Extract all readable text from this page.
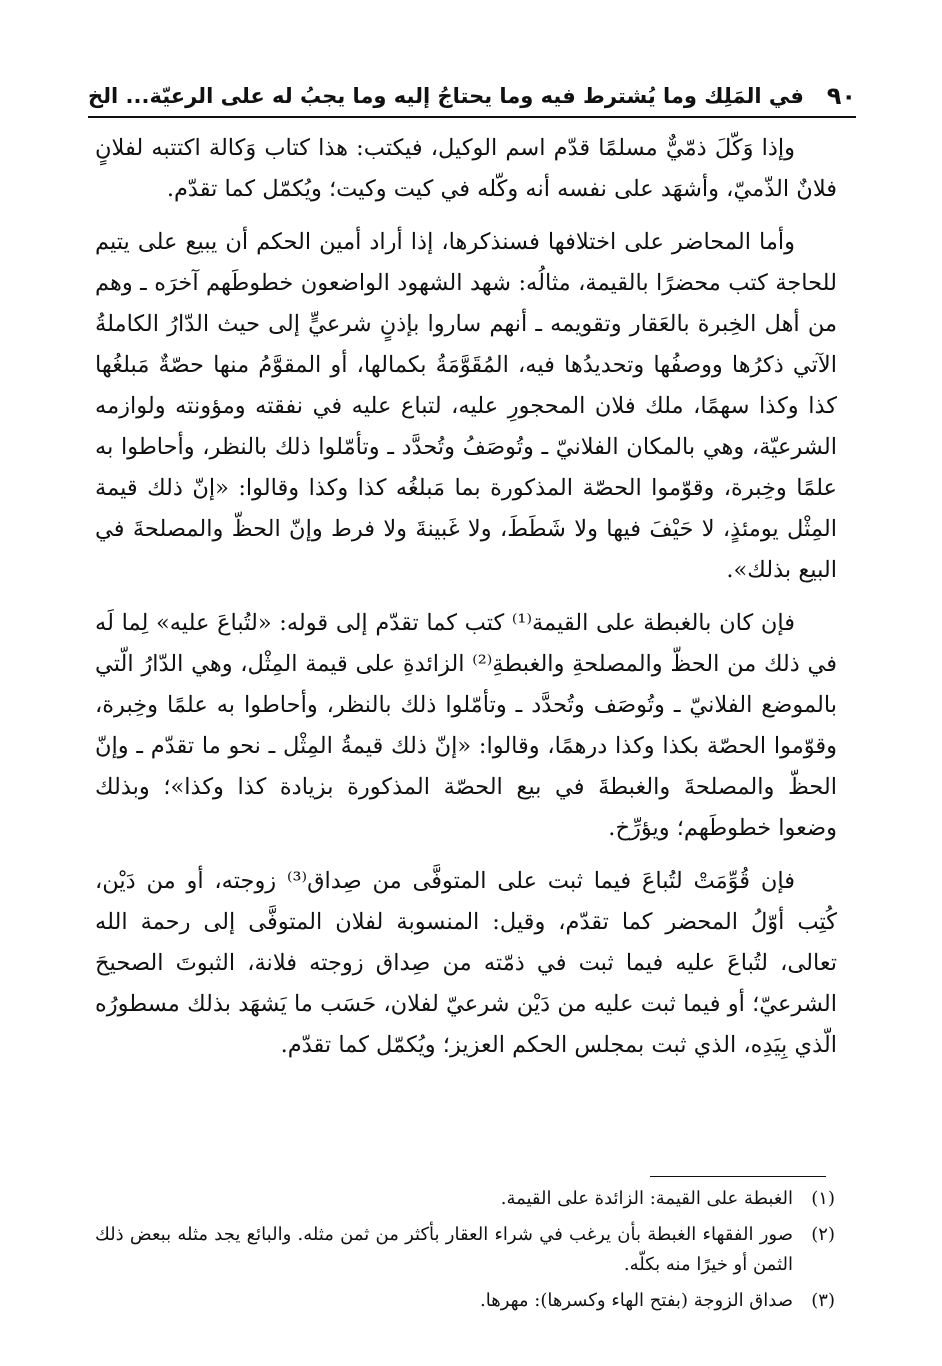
٩٠
في المَلِك وما يُشترط فيه وما يحتاجُ إليه وما يجبُ له على الرعيّة... الخ

وإذا وَكّلَ ذمّيٌّ مسلمًا قدّم اسم الوكيل، فيكتب: هذا كتاب وَكالة اكتتبه لفلانٍ فلانٌ الذّميّ، وأشهَد على نفسه أنه وكّله في كيت وكيت؛ ويُكمّل كما تقدّم.

وأما المحاضر على اختلافها فسنذكرها، إذا أراد أمين الحكم أن يبيع على يتيم للحاجة كتب محضرًا بالقيمة، مثالُه: شهد الشهود الواضعون خطوطَهم آخرَه ـ وهم من أهل الخِبرة بالعَقار وتقويمه ـ أنهم ساروا بإذنٍ شرعيٍّ إلى حيث الدّارُ الكاملةُ الآتي ذكرُها ووصفُها وتحديدُها فيه، المُقَوَّمَةُ بكمالها، أو المقوَّمُ منها حصّةٌ مَبلغُها كذا وكذا سهمًا، ملك فلان المحجورِ عليه، لتباع عليه في نفقته ومؤونته ولوازمه الشرعيّة، وهي بالمكان الفلانيّ ـ وتُوصَفُ وتُحدَّد ـ وتأمّلوا ذلك بالنظر، وأحاطوا به علمًا وخِبرة، وقوّموا الحصّة المذكورة بما مَبلغُه كذا وكذا وقالوا: «إنّ ذلك قيمة المِثْل يومئذٍ، لا حَيْفَ فيها ولا شَطَطَ، ولا غَبينةَ ولا فرط وإنّ الحظّ والمصلحةَ في البيع بذلك».

فإن كان بالغبطة على القيمة⁽¹⁾ كتب كما تقدّم إلى قوله: «لتُباعَ عليه» لِما لَه في ذلك من الحظّ والمصلحةِ والغبطةِ⁽²⁾ الزائدةِ على قيمة المِثْل، وهي الدّارُ الّتي بالموضع الفلانيّ ـ وتُوصَف وتُحدَّد ـ وتأمّلوا ذلك بالنظر، وأحاطوا به علمًا وخِبرة، وقوّموا الحصّة بكذا وكذا درهمًا، وقالوا: «إنّ ذلك قيمةُ المِثْل ـ نحو ما تقدّم ـ وإنّ الحظّ والمصلحةَ والغبطةَ في بيع الحصّة المذكورة بزيادة كذا وكذا»؛ وبذلك وضعوا خطوطَهم؛ ويؤرِّخ.

فإن قُوِّمَتْ لتُباعَ فيما ثبت على المتوفَّى من صِداق⁽³⁾ زوجته، أو من دَيْن، كُتِب أوّلُ المحضر كما تقدّم، وقيل: المنسوبة لفلان المتوفَّى إلى رحمة الله تعالى، لتُباعَ عليه فيما ثبت في ذمّته من صِداق زوجته فلانة، الثبوتَ الصحيحَ الشرعيّ؛ أو فيما ثبت عليه من دَيْن شرعيّ لفلان، حَسَب ما يَشهَد بذلك مسطورُه الّذي بِيَدِه، الذي ثبت بمجلس الحكم العزيز؛ ويُكمّل كما تقدّم.

(١)
الغبطة على القيمة: الزائدة على القيمة.
(٢)
صور الفقهاء الغبطة بأن يرغب في شراء العقار بأكثر من ثمن مثله. والبائع يجد مثله ببعض ذلك الثمن أو خيرًا منه بكلّه.
(٣)
صداق الزوجة (بفتح الهاء وكسرها): مهرها.
